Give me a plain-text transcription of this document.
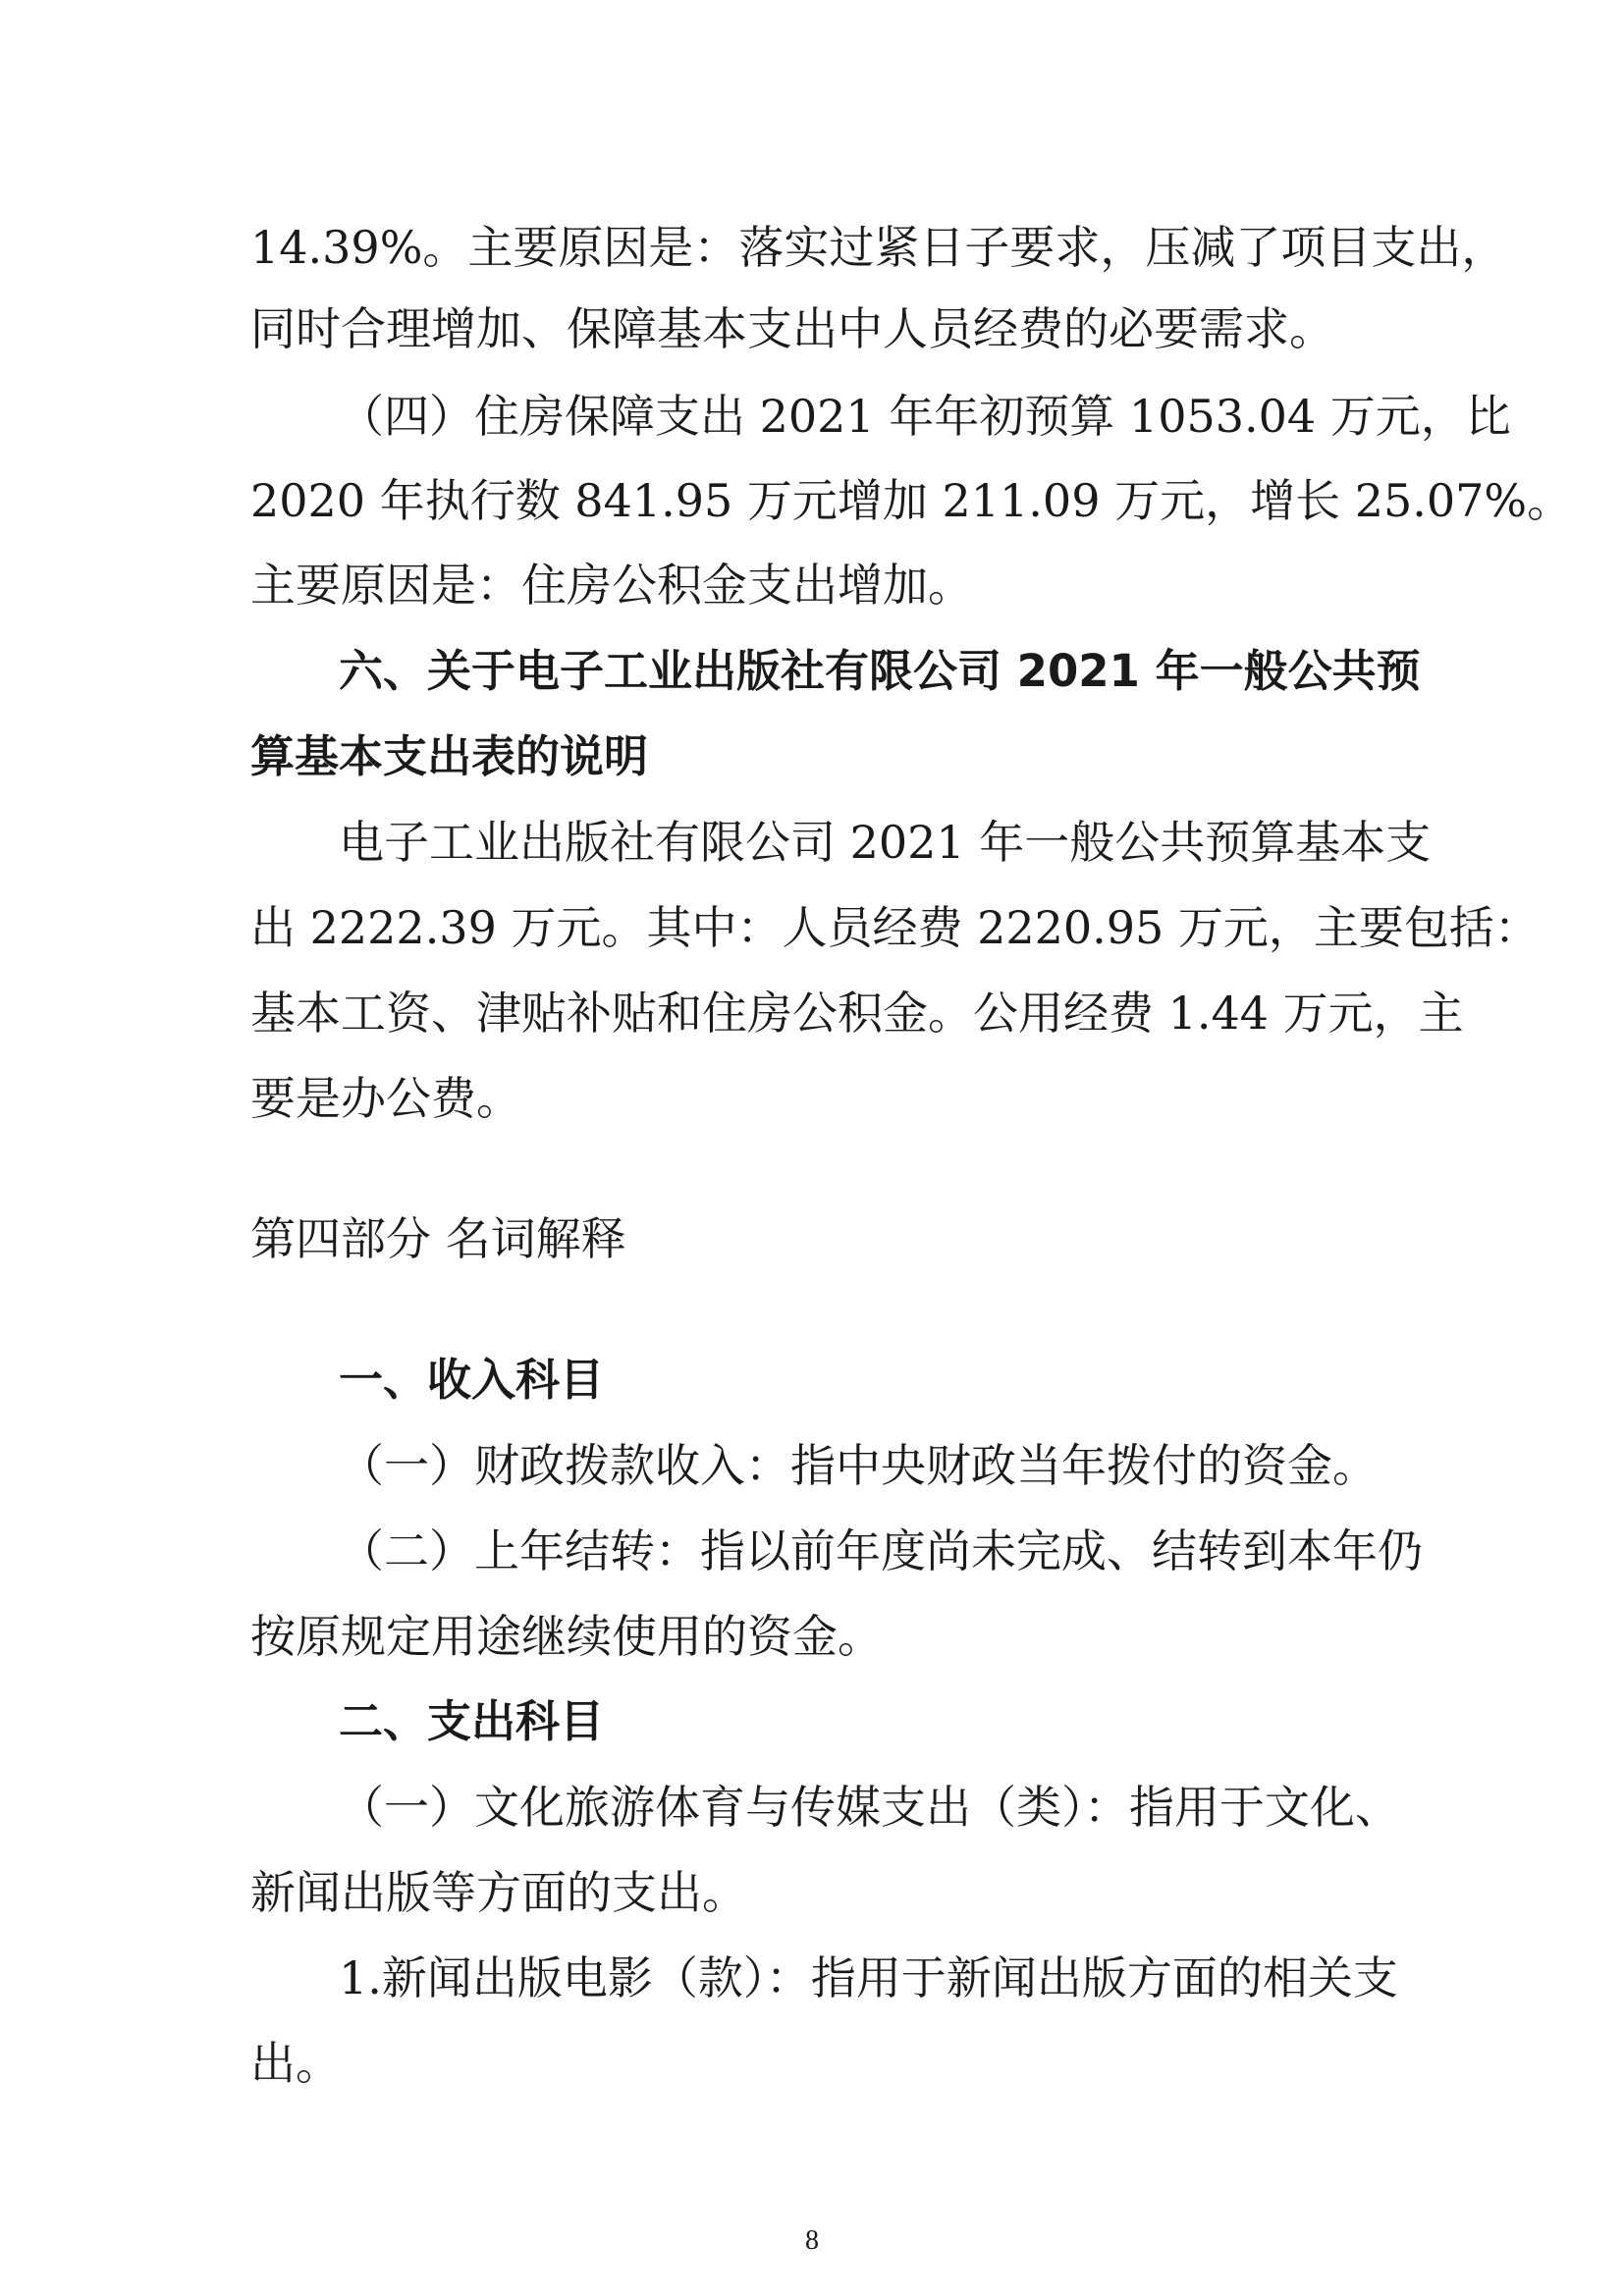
14.39%。主要原因是：落实过紧日子要求，压减了项目支出，
同时合理增加、保障基本支出中人员经费的必要需求。
（四）住房保障支出 2021 年年初预算 1053.04 万元，比
2020 年执行数 841.95 万元增加 211.09 万元，增长 25.07%。
主要原因是：住房公积金支出增加。
六、关于电子工业出版社有限公司 2021 年一般公共预
算基本支出表的说明
电子工业出版社有限公司 2021 年一般公共预算基本支
出 2222.39 万元。其中：人员经费 2220.95 万元，主要包括：
基本工资、津贴补贴和住房公积金。公用经费 1.44 万元，主
要是办公费。
第四部分 名词解释
一、收入科目
（一）财政拨款收入：指中央财政当年拨付的资金。
（二）上年结转：指以前年度尚未完成、结转到本年仍
按原规定用途继续使用的资金。
二、支出科目
（一）文化旅游体育与传媒支出（类）：指用于文化、
新闻出版等方面的支出。
1.新闻出版电影（款）：指用于新闻出版方面的相关支
出。
8
